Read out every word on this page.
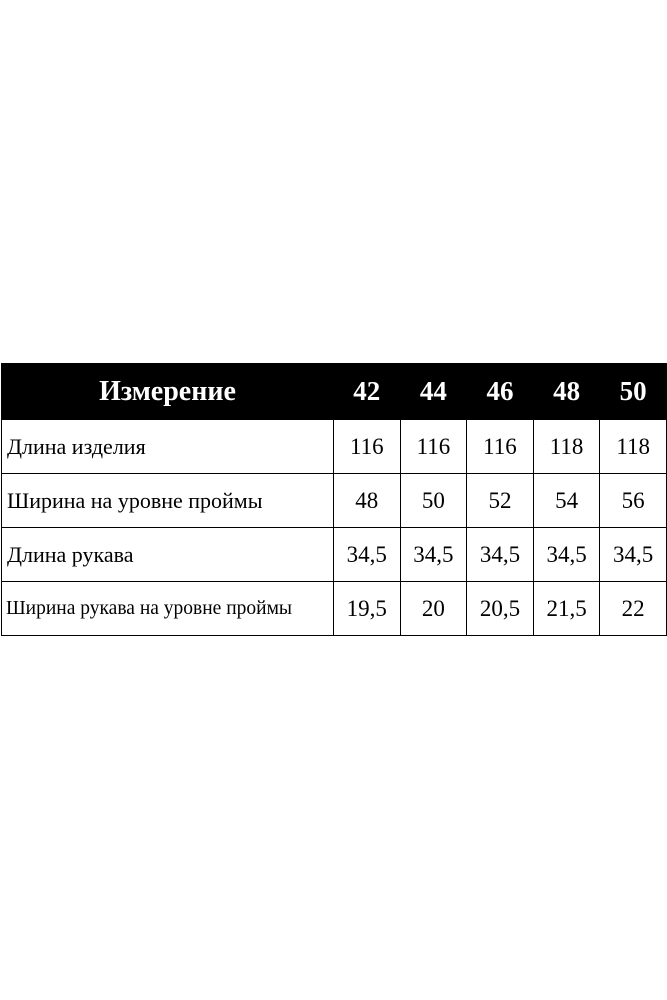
Измерение	42	44	46	48	50
Длина изделия	116	116	116	118	118
Ширина на уровне проймы	48	50	52	54	56
Длина рукава	34,5	34,5	34,5	34,5	34,5
Ширина рукава на уровне проймы	19,5	20	20,5	21,5	22
